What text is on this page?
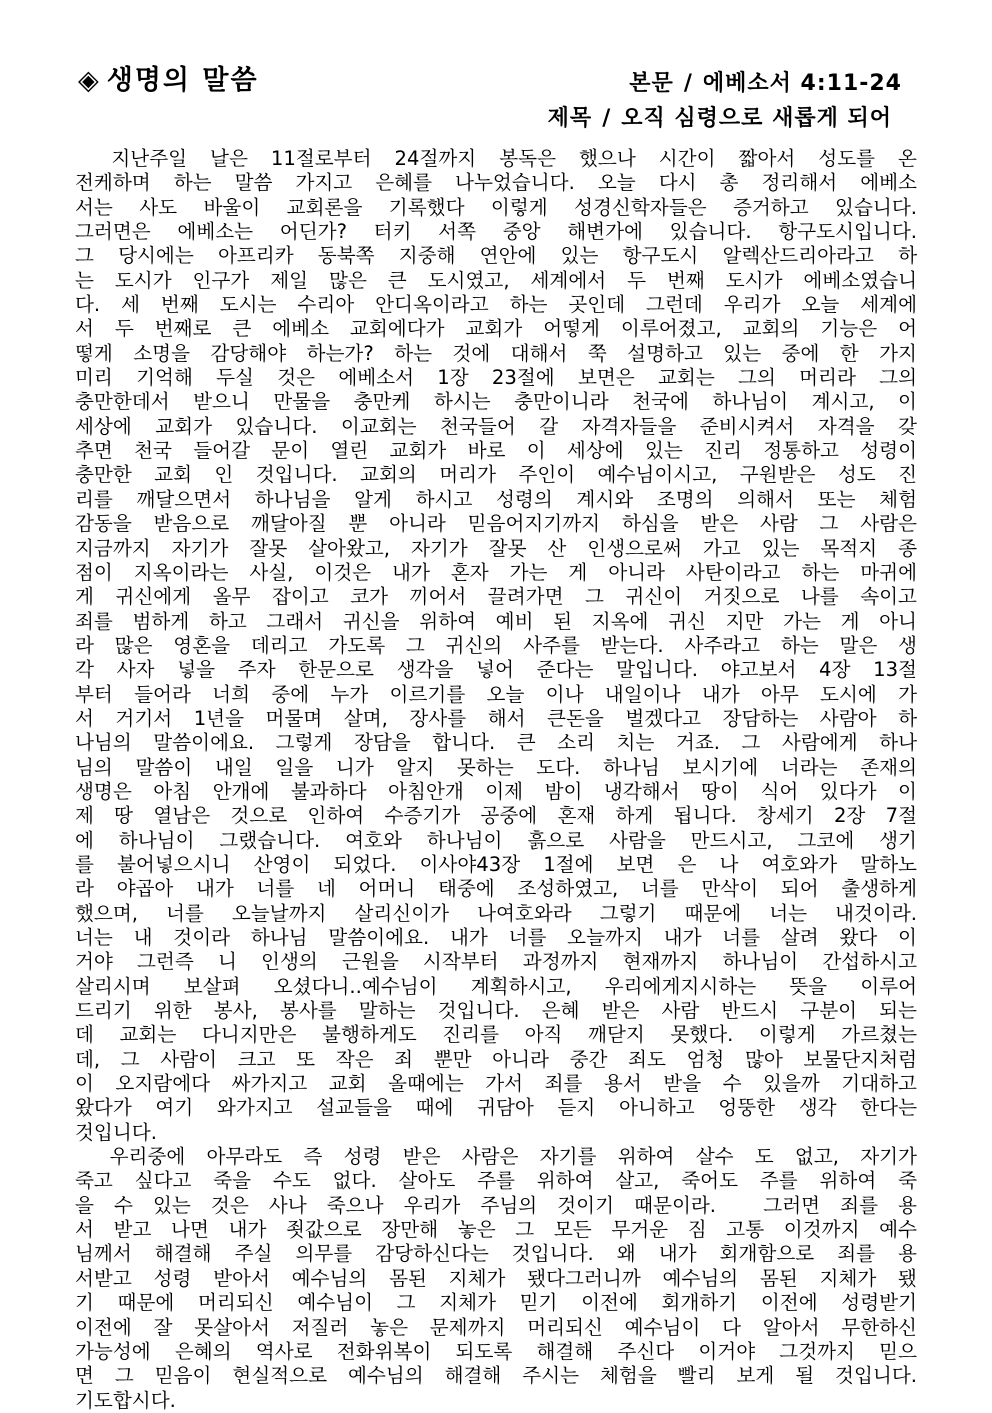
◈ 생명의 말씀	본문 / 에베소서 4:11-24
제목 / 오직 심령으로 새롭게 되어
　지난주일 날은 11절로부터 24절까지 봉독은 했으나 시간이 짧아서 성도를 온
전케하며 하는 말씀 가지고 은혜를 나누었습니다. 오늘 다시 총 정리해서 에베소
서는 사도 바울이 교회론을 기록했다 이렇게 성경신학자들은 증거하고 있습니다.
그러면은 에베소는 어딘가? 터키 서쪽 중앙 해변가에 있습니다. 항구도시입니다.
그 당시에는 아프리카 동북쪽 지중해 연안에 있는 항구도시 알렉산드리아라고 하
는 도시가 인구가 제일 많은 큰 도시였고, 세계에서 두 번째 도시가 에베소였습니
다. 세 번째 도시는 수리아 안디옥이라고 하는 곳인데 그런데 우리가 오늘 세계에
서 두 번째로 큰 에베소 교회에다가 교회가 어떻게 이루어졌고, 교회의 기능은 어
떻게 소명을 감당해야 하는가? 하는 것에 대해서 쭉 설명하고 있는 중에 한 가지
미리 기억해 두실 것은 에베소서 1장 23절에 보면은 교회는 그의 머리라 그의
충만한데서 받으니 만물을 충만케 하시는 충만이니라 천국에 하나님이 계시고, 이
세상에 교회가 있습니다. 이교회는 천국들어 갈 자격자들을 준비시켜서 자격을 갖
추면 천국 들어갈 문이 열린 교회가 바로 이 세상에 있는 진리 정통하고 성령이
충만한 교회 인 것입니다. 교회의 머리가 주인이 예수님이시고, 구원받은 성도 진
리를 깨달으면서 하나님을 알게 하시고 성령의 계시와 조명의 의해서 또는 체험
감동을 받음으로 깨달아질 뿐 아니라 믿음어지기까지 하심을 받은 사람 그 사람은
지금까지 자기가 잘못 살아왔고, 자기가 잘못 산 인생으로써 가고 있는 목적지 종
점이 지옥이라는 사실, 이것은 내가 혼자 가는 게 아니라 사탄이라고 하는 마귀에
게 귀신에게 올무 잡이고 코가 끼어서 끌려가면 그 귀신이 거짓으로 나를 속이고
죄를 범하게 하고 그래서 귀신을 위하여 예비 된 지옥에 귀신 지만 가는 게 아니
라 많은 영혼을 데리고 가도록 그 귀신의 사주를 받는다. 사주라고 하는 말은 생
각 사자 넣을 주자 한문으로 생각을 넣어 준다는 말입니다. 야고보서 4장 13절
부터 들어라 너희 중에 누가 이르기를 오늘 이나 내일이나 내가 아무 도시에 가
서 거기서 1년을 머물며 살며, 장사를 해서 큰돈을 벌겠다고 장담하는 사람아 하
나님의 말씀이에요. 그렇게 장담을 합니다. 큰 소리 치는 거죠. 그 사람에게 하나
님의 말씀이 내일 일을 니가 알지 못하는 도다. 하나님 보시기에 너라는 존재의
생명은 아침 안개에 불과하다 아침안개 이제 밤이 냉각해서 땅이 식어 있다가 이
제 땅 열남은 것으로 인하여 수증기가 공중에 혼재 하게 됩니다. 창세기 2장 7절
에 하나님이 그랬습니다. 여호와 하나님이 흙으로 사람을 만드시고, 그코에 생기
를 불어넣으시니 산영이 되었다. 이사야43장 1절에 보면 은 나 여호와가 말하노
라 야곱아 내가 너를 네 어머니 태중에 조성하였고, 너를 만삭이 되어 출생하게
했으며, 너를 오늘날까지 살리신이가 나여호와라 그렇기 때문에 너는 내것이라.
너는 내 것이라 하나님 말씀이에요. 내가 너를 오늘까지 내가 너를 살려 왔다 이
거야 그런즉 니 인생의 근원을 시작부터 과정까지 현재까지 하나님이 간섭하시고
살리시며 보살펴 오셨다니..예수님이 계획하시고, 우리에게지시하는 뜻을 이루어
드리기 위한 봉사, 봉사를 말하는 것입니다. 은혜 받은 사람 반드시 구분이 되는
데 교회는 다니지만은 불행하게도 진리를 아직 깨닫지 못했다. 이렇게 가르쳤는
데, 그 사람이 크고 또 작은 죄 뿐만 아니라 중간 죄도 엄청 많아 보물단지처럼
이 오지람에다 싸가지고 교회 올때에는 가서 죄를 용서 받을 수 있을까 기대하고
왔다가 여기 와가지고 설교들을 때에 귀담아 듣지 아니하고 엉뚱한 생각 한다는
것입니다.
　우리중에 아무라도 즉 성령 받은 사람은 자기를 위하여 살수 도 없고, 자기가
죽고 싶다고 죽을 수도 없다. 살아도 주를 위하여 살고, 죽어도 주를 위하여 죽
을 수 있는 것은 사나 죽으나 우리가 주님의 것이기 때문이라.　그러면 죄를 용
서 받고 나면 내가 죗값으로 장만해 놓은 그 모든 무거운 짐 고통 이것까지 예수
님께서 해결해 주실 의무를 감당하신다는 것입니다. 왜 내가 회개함으로 죄를 용
서받고 성령 받아서 예수님의 몸된 지체가 됐다그러니까 예수님의 몸된 지체가 됐
기 때문에 머리되신 예수님이 그 지체가 믿기 이전에 회개하기 이전에 성령받기
이전에 잘 못살아서 저질러 놓은 문제까지 머리되신 예수님이 다 알아서 무한하신
가능성에 은혜의 역사로 전화위복이 되도록 해결해 주신다 이거야 그것까지 믿으
면 그 믿음이 현실적으로 예수님의 해결해 주시는 체험을 빨리 보게 될 것입니다.
기도합시다.
